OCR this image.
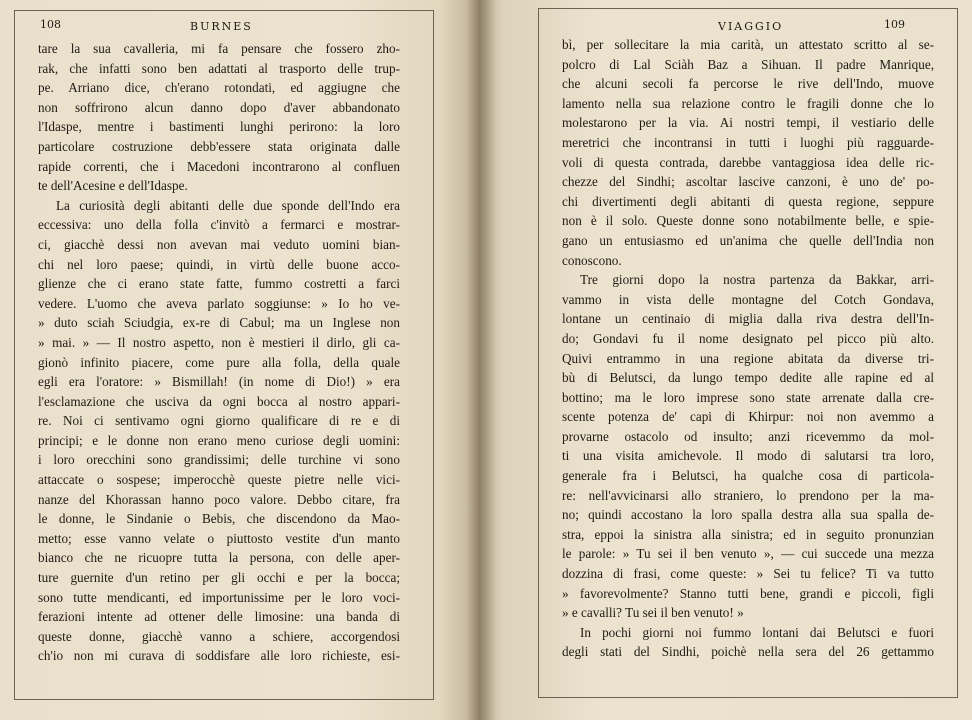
108	BURNES
tare la sua cavalleria, mi fa pensare che fossero zho-
rak, che infatti sono ben adattati al trasporto delle trup-
pe. Arriano dice, ch'erano rotondati, ed aggiugne che
non soffrirono alcun danno dopo d'aver abbandonato
l'Idaspe, mentre i bastimenti lunghi perirono: la loro
particolare costruzione debb'essere stata originata dalle
rapide correnti, che i Macedoni incontrarono al confluen
te dell'Acesine e dell'Idaspe.
La curiosità degli abitanti delle due sponde dell'Indo era
eccessiva: uno della folla c'invitò a fermarci e mostrar-
ci, giacchè dessi non avevan mai veduto uomini bian-
chi nel loro paese; quindi, in virtù delle buone acco-
glienze che ci erano state fatte, fummo costretti a farci
vedere. L'uomo che aveva parlato soggiunse: » Io ho ve-
» duto sciah Sciudgia, ex-re di Cabul; ma un Inglese non
» mai. » — Il nostro aspetto, non è mestieri il dirlo, gli ca-
gionò infinito piacere, come pure alla folla, della quale
egli era l'oratore: » Bismillah! (in nome di Dio!) » era
l'esclamazione che usciva da ogni bocca al nostro appari-
re. Noi ci sentivamo ogni giorno qualificare di re e di
principi; e le donne non erano meno curiose degli uomini:
i loro orecchini sono grandissimi; delle turchine vi sono
attaccate o sospese; imperocchè queste pietre nelle vici-
nanze del Khorassan hanno poco valore. Debbo citare, fra
le donne, le Sindanie o Bebis, che discendono da Mao-
metto; esse vanno velate o piuttosto vestite d'un manto
bianco che ne ricuopre tutta la persona, con delle aper-
ture guernite d'un retino per gli occhi e per la bocca;
sono tutte mendicanti, ed importunissime per le loro voci-
ferazioni intente ad ottener delle limosine: una banda di
queste donne, giacchè vanno a schiere, accorgendosi
ch'io non mi curava di soddisfare alle loro richieste, esi-
VIAGGIO	109
bì, per sollecitare la mia carità, un attestato scritto al se-
polcro di Lal Sciàh Baz a Sihuan. Il padre Manrique,
che alcuni secoli fa percorse le rive dell'Indo, muove
lamento nella sua relazione contro le fragili donne che lo
molestarono per la via. Ai nostri tempi, il vestiario delle
meretrici che incontransi in tutti i luoghi più ragguarde-
voli di questa contrada, darebbe vantaggiosa idea delle ric-
chezze del Sindhi; ascoltar lascive canzoni, è uno de' po-
chi divertimenti degli abitanti di questa regione, seppure
non è il solo. Queste donne sono notabilmente belle, e spie-
gano un entusiasmo ed un'anima che quelle dell'India non
conoscono.
Tre giorni dopo la nostra partenza da Bakkar, arri-
vammo in vista delle montagne del Cotch Gondava,
lontane un centinaio di miglia dalla riva destra dell'In-
do; Gondavi fu il nome designato pel picco più alto.
Quivi entrammo in una regione abitata da diverse tri-
bù di Belutsci, da lungo tempo dedite alle rapine ed al
bottino; ma le loro imprese sono state arrenate dalla cre-
scente potenza de' capi di Khirpur: noi non avemmo a
provarne ostacolo od insulto; anzi ricevemmo da mol-
ti una visita amichevole. Il modo di salutarsi tra loro,
generale fra i Belutsci, ha qualche cosa di particola-
re: nell'avvicinarsi allo straniero, lo prendono per la ma-
no; quindi accostano la loro spalla destra alla sua spalla de-
stra, eppoi la sinistra alla sinistra; ed in seguito pronunzian
le parole: » Tu sei il ben venuto », — cui succede una mezza
dozzina di frasi, come queste: » Sei tu felice? Ti va tutto
» favorevolmente? Stanno tutti bene, grandi e piccoli, figli
» e cavalli? Tu sei il ben venuto! »
In pochi giorni noi fummo lontani dai Belutsci e fuori
degli stati del Sindhi, poichè nella sera del 26 gettammo
